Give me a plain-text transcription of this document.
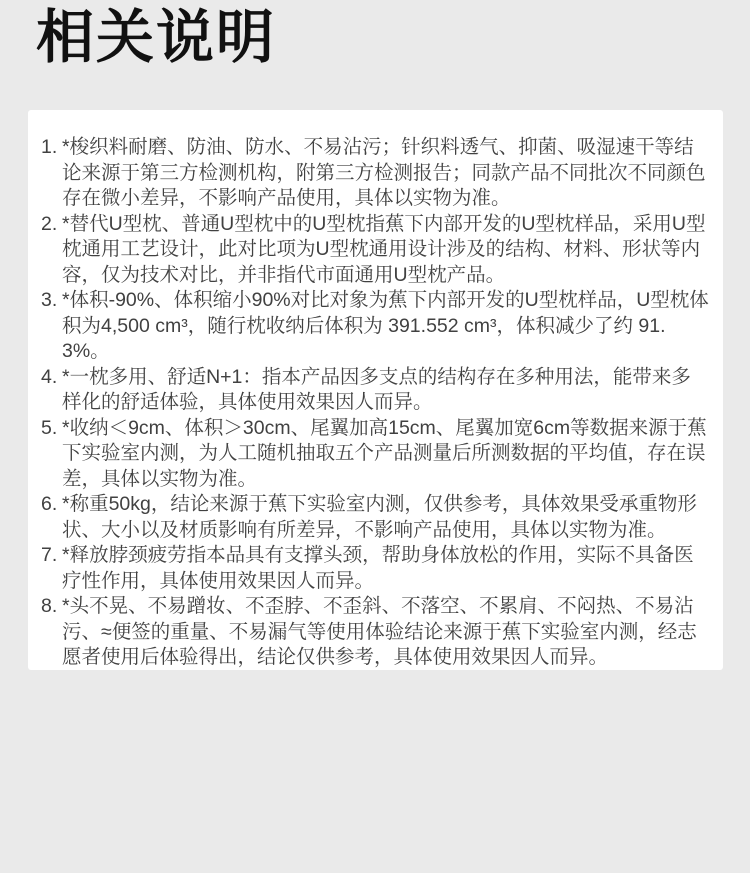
相关说明
1. *梭织料耐磨、防油、防水、不易沾污；针织料透气、抑菌、吸湿速干等结论来源于第三方检测机构，附第三方检测报告；同款产品不同批次不同颜色存在微小差异，不影响产品使用，具体以实物为准。
2. *替代U型枕、普通U型枕中的U型枕指蕉下内部开发的U型枕样品，采用U型枕通用工艺设计，此对比项为U型枕通用设计涉及的结构、材料、形状等内容，仅为技术对比，并非指代市面通用U型枕产品。
3. *体积-90%、体积缩小90%对比对象为蕉下内部开发的U型枕样品，U型枕体积为4,500 cm³，随行枕收纳后体积为 391.552 cm³，体积减少了约 91.3%。
4. *一枕多用、舒适N+1：指本产品因多支点的结构存在多种用法，能带来多样化的舒适体验，具体使用效果因人而异。
5. *收纳＜9cm、体积＞30cm、尾翼加高15cm、尾翼加宽6cm等数据来源于蕉下实验室内测，为人工随机抽取五个产品测量后所测数据的平均值，存在误差，具体以实物为准。
6. *称重50kg，结论来源于蕉下实验室内测，仅供参考，具体效果受承重物形状、大小以及材质影响有所差异，不影响产品使用，具体以实物为准。
7. *释放脖颈疲劳指本品具有支撑头颈，帮助身体放松的作用，实际不具备医疗性作用，具体使用效果因人而异。
8. *头不晃、不易蹭妆、不歪脖、不歪斜、不落空、不累肩、不闷热、不易沾污、≈便签的重量、不易漏气等使用体验结论来源于蕉下实验室内测，经志愿者使用后体验得出，结论仅供参考，具体使用效果因人而异。
